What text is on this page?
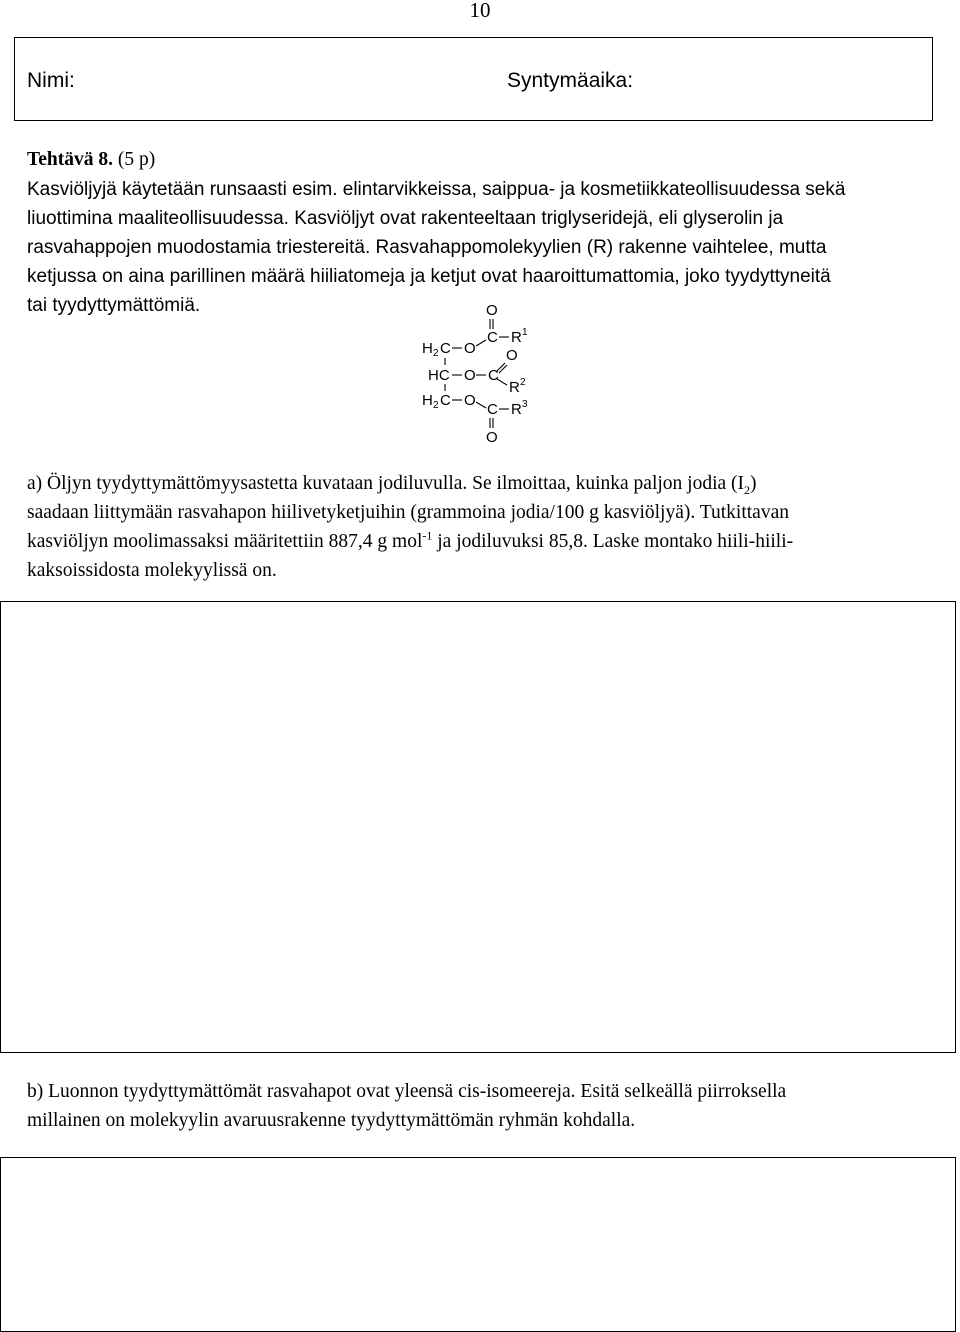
10
Nimi:	Syntymäaika:
Tehtävä 8. (5 p)
Kasviöljyjä käytetään runsaasti esim. elintarvikkeissa, saippua- ja kosmetiikkateollisuudessa sekä
liuottimina maaliteollisuudessa. Kasviöljyt ovat rakenteeltaan triglyseridejä, eli glyserolin ja
rasvahappojen muodostamia triestereitä. Rasvahappomolekyylien (R) rakenne vaihtelee, mutta
ketjussa on aina parillinen määrä hiiliatomeja ja ketjut ovat haaroittumattomia, joko tyydyttyneitä
tai tyydyttymättömiä.	O
C R 1
H 2 C O O
HC O C
R 2
H 2 C O
C R 3
O
a) Öljyn tyydyttymättömyysastetta kuvataan jodiluvulla. Se ilmoittaa, kuinka paljon jodia $(I_2)$
saadaan liittymään rasvahapon hiilivetyketjuihin (grammoina jodia/100 g kasviöljyä). Tutkittavan
kasviöljyn moolimassaksi määritettiin 887,4 g mol$^{-1}$ ja jodiluvuksi 85,8. Laske montako hiili-hiili-
kaksoissidosta molekyylissä on.
b) Luonnon tyydyttymättömät rasvahapot ovat yleensä cis-isomeereja. Esitä selkeällä piirroksella
millainen on molekyylin avaruusrakenne tyydyttymättömän ryhmän kohdalla.
